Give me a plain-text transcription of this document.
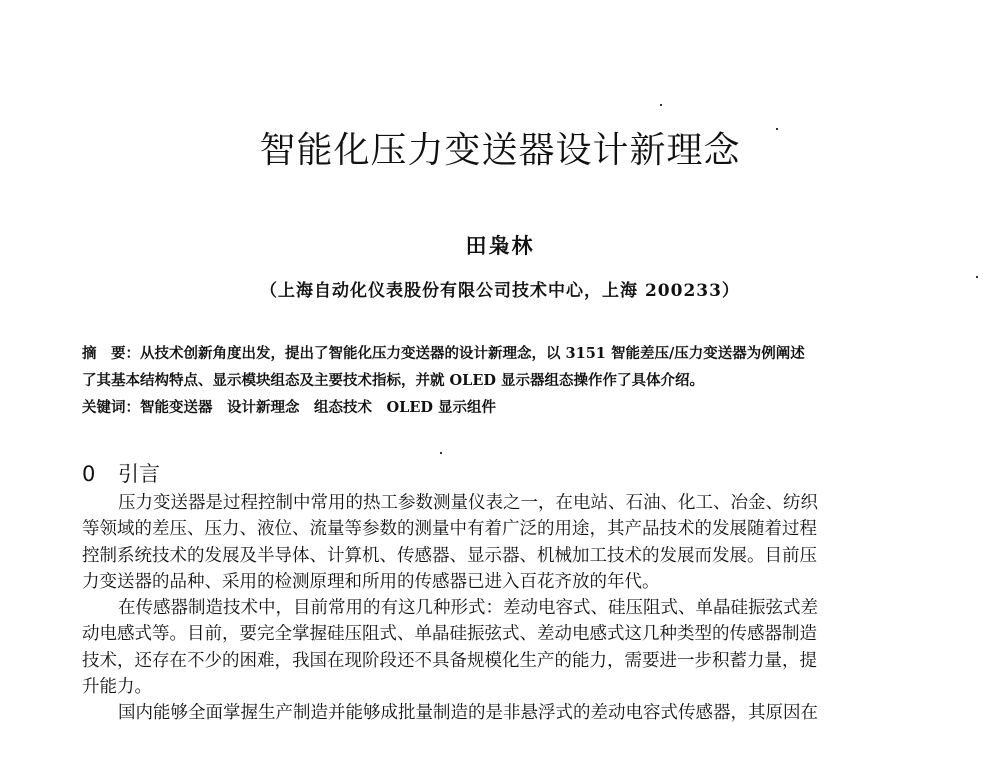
智能化压力变送器设计新理念
田枭林
（上海自动化仪表股份有限公司技术中心，上海 200233）
摘　要：从技术创新角度出发，提出了智能化压力变送器的设计新理念，以 3151 智能差压/压力变送器为例阐述
了其基本结构特点、显示模块组态及主要技术指标，并就 OLED 显示器组态操作作了具体介绍。
关键词：智能变送器　设计新理念　组态技术　OLED 显示组件
0 引言
压力变送器是过程控制中常用的热工参数测量仪表之一，在电站、石油、化工、冶金、纺织
等领域的差压、压力、液位、流量等参数的测量中有着广泛的用途，其产品技术的发展随着过程
控制系统技术的发展及半导体、计算机、传感器、显示器、机械加工技术的发展而发展。目前压
力变送器的品种、采用的检测原理和所用的传感器已进入百花齐放的年代。
在传感器制造技术中，目前常用的有这几种形式：差动电容式、硅压阻式、单晶硅振弦式差
动电感式等。目前，要完全掌握硅压阻式、单晶硅振弦式、差动电感式这几种类型的传感器制造
技术，还存在不少的困难，我国在现阶段还不具备规模化生产的能力，需要进一步积蓄力量，提
升能力。
国内能够全面掌握生产制造并能够成批量制造的是非悬浮式的差动电容式传感器，其原因在
